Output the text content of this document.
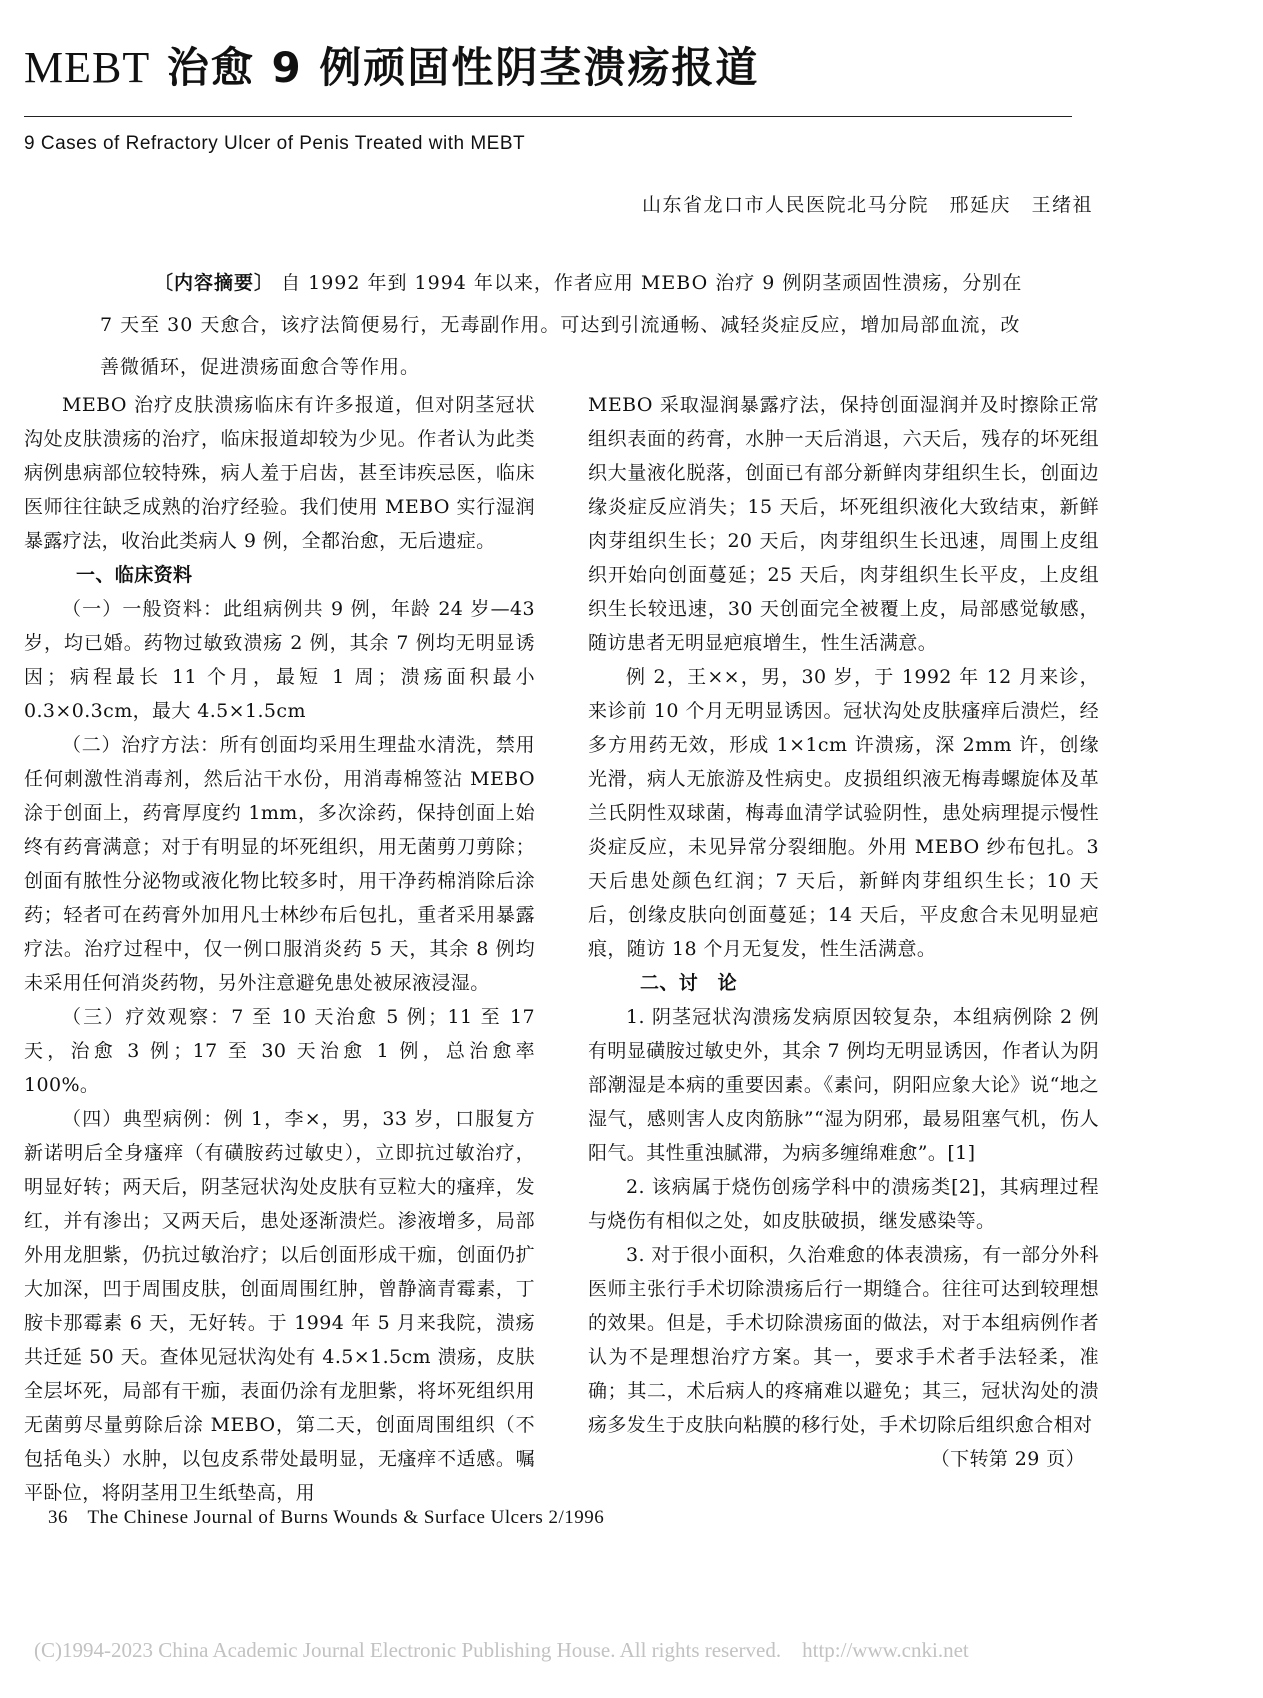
MEBT 治愈 9 例顽固性阴茎溃疡报道
9 Cases of Refractory Ulcer of Penis Treated with MEBT
山东省龙口市人民医院北马分院　邢延庆　王绪祖
〔内容摘要〕 自 1992 年到 1994 年以来，作者应用 MEBO 治疗 9 例阴茎顽固性溃疡，分别在 7 天至 30 天愈合，该疗法简便易行，无毒副作用。可达到引流通畅、减轻炎症反应，增加局部血流，改善微循环，促进溃疡面愈合等作用。

MEBO 治疗皮肤溃疡临床有许多报道，但对阴茎冠状沟处皮肤溃疡的治疗，临床报道却较为少见。作者认为此类病例患病部位较特殊，病人羞于启齿，甚至讳疾忌医，临床医师往往缺乏成熟的治疗经验。我们使用 MEBO 实行湿润暴露疗法，收治此类病人 9 例，全都治愈，无后遗症。

一、临床资料

（一）一般资料：此组病例共 9 例，年龄 24 岁—43 岁，均已婚。药物过敏致溃疡 2 例，其余 7 例均无明显诱因；病程最长 11 个月，最短 1 周；溃疡面积最小 0.3×0.3cm，最大 4.5×1.5cm

（二）治疗方法：所有创面均采用生理盐水清洗，禁用任何刺激性消毒剂，然后沾干水份，用消毒棉签沾 MEBO 涂于创面上，药膏厚度约 1mm，多次涂药，保持创面上始终有药膏满意；对于有明显的坏死组织，用无菌剪刀剪除；创面有脓性分泌物或液化物比较多时，用干净药棉消除后涂药；轻者可在药膏外加用凡士林纱布后包扎，重者采用暴露疗法。治疗过程中，仅一例口服消炎药 5 天，其余 8 例均未采用任何消炎药物，另外注意避免患处被尿液浸湿。

（三）疗效观察：7 至 10 天治愈 5 例；11 至 17 天，治愈 3 例；17 至 30 天治愈 1 例，总治愈率 100%。

（四）典型病例：例 1，李×，男，33 岁，口服复方新诺明后全身瘙痒（有磺胺药过敏史），立即抗过敏治疗，明显好转；两天后，阴茎冠状沟处皮肤有豆粒大的瘙痒，发红，并有渗出；又两天后，患处逐渐溃烂。渗液增多，局部外用龙胆紫，仍抗过敏治疗；以后创面形成干痂，创面仍扩大加深，凹于周围皮肤，创面周围红肿，曾静滴青霉素，丁胺卡那霉素 6 天，无好转。于 1994 年 5 月来我院，溃疡共迁延 50 天。查体见冠状沟处有 4.5×1.5cm 溃疡，皮肤全层坏死，局部有干痂，表面仍涂有龙胆紫，将坏死组织用无菌剪尽量剪除后涂 MEBO，第二天，创面周围组织（不包括龟头）水肿，以包皮系带处最明显，无瘙痒不适感。嘱平卧位，将阴茎用卫生纸垫高，用

MEBO 采取湿润暴露疗法，保持创面湿润并及时擦除正常组织表面的药膏，水肿一天后消退，六天后，残存的坏死组织大量液化脱落，创面已有部分新鲜肉芽组织生长，创面边缘炎症反应消失；15 天后，坏死组织液化大致结束，新鲜肉芽组织生长；20 天后，肉芽组织生长迅速，周围上皮组织开始向创面蔓延；25 天后，肉芽组织生长平皮，上皮组织生长较迅速，30 天创面完全被覆上皮，局部感觉敏感，随访患者无明显疤痕增生，性生活满意。

例 2，王××，男，30 岁，于 1992 年 12 月来诊，来诊前 10 个月无明显诱因。冠状沟处皮肤瘙痒后溃烂，经多方用药无效，形成 1×1cm 许溃疡，深 2mm 许，创缘光滑，病人无旅游及性病史。皮损组织液无梅毒螺旋体及革兰氏阴性双球菌，梅毒血清学试验阴性，患处病理提示慢性炎症反应，未见异常分裂细胞。外用 MEBO 纱布包扎。3 天后患处颜色红润；7 天后，新鲜肉芽组织生长；10 天后，创缘皮肤向创面蔓延；14 天后，平皮愈合未见明显疤痕，随访 18 个月无复发，性生活满意。

二、讨　论

1. 阴茎冠状沟溃疡发病原因较复杂，本组病例除 2 例有明显磺胺过敏史外，其余 7 例均无明显诱因，作者认为阴部潮湿是本病的重要因素。《素问，阴阳应象大论》说“地之湿气，感则害人皮肉筋脉”“湿为阴邪，最易阻塞气机，伤人阳气。其性重浊腻滞，为病多缠绵难愈”。[1]

2. 该病属于烧伤创疡学科中的溃疡类[2]，其病理过程与烧伤有相似之处，如皮肤破损，继发感染等。

3. 对于很小面积，久治难愈的体表溃疡，有一部分外科医师主张行手术切除溃疡后行一期缝合。往往可达到较理想的效果。但是，手术切除溃疡面的做法，对于本组病例作者认为不是理想治疗方案。其一，要求手术者手法轻柔，准确；其二，术后病人的疼痛难以避免；其三，冠状沟处的溃疡多发生于皮肤向粘膜的移行处，手术切除后组织愈合相对

（下转第 29 页）

36　The Chinese Journal of Burns Wounds & Surface Ulcers 2/1996
(C)1994-2023 China Academic Journal Electronic Publishing House. All rights reserved.　http://www.cnki.net
